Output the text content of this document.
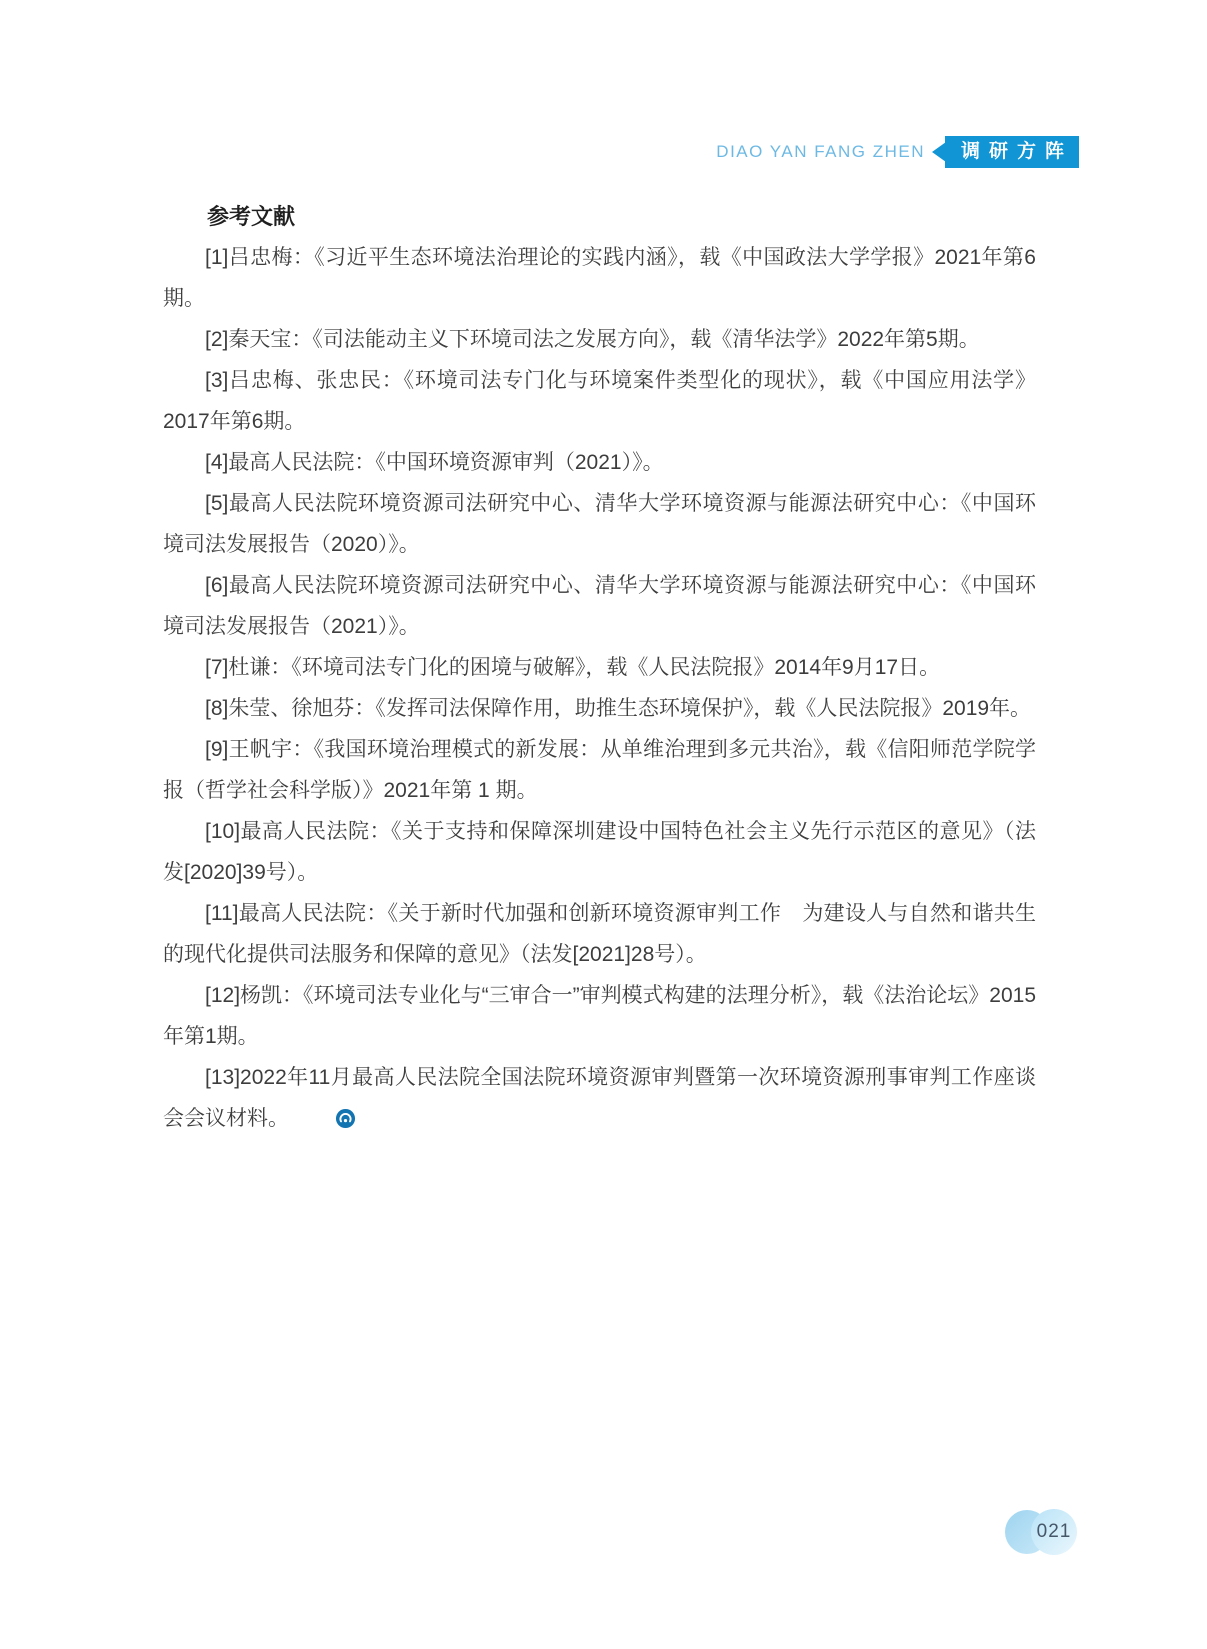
DIAO YAN FANG ZHEN	调研方阵
参考文献

[1]吕忠梅：《习近平生态环境法治理论的实践内涵》，载《中国政法大学学报》2021年第6期。

[2]秦天宝：《司法能动主义下环境司法之发展方向》，载《清华法学》2022年第5期。

[3]吕忠梅、张忠民：《环境司法专门化与环境案件类型化的现状》，载《中国应用法学》2017年第6期。

[4]最高人民法院：《中国环境资源审判（2021）》。

[5]最高人民法院环境资源司法研究中心、清华大学环境资源与能源法研究中心：《中国环境司法发展报告（2020）》。

[6]最高人民法院环境资源司法研究中心、清华大学环境资源与能源法研究中心：《中国环境司法发展报告（2021）》。

[7]杜谦：《环境司法专门化的困境与破解》，载《人民法院报》2014年9月17日。

[8]朱莹、徐旭芬：《发挥司法保障作用，助推生态环境保护》，载《人民法院报》2019年。

[9]王帆宇：《我国环境治理模式的新发展：从单维治理到多元共治》，载《信阳师范学院学报（哲学社会科学版）》2021年第 1 期。

[10]最高人民法院：《关于支持和保障深圳建设中国特色社会主义先行示范区的意见》（法发[2020]39号）。

[11]最高人民法院：《关于新时代加强和创新环境资源审判工作　为建设人与自然和谐共生的现代化提供司法服务和保障的意见》（法发[2021]28号）。

[12]杨凯：《环境司法专业化与“三审合一”审判模式构建的法理分析》，载《法治论坛》2015年第1期。

[13]2022年11月最高人民法院全国法院环境资源审判暨第一次环境资源刑事审判工作座谈会会议材料。

021
